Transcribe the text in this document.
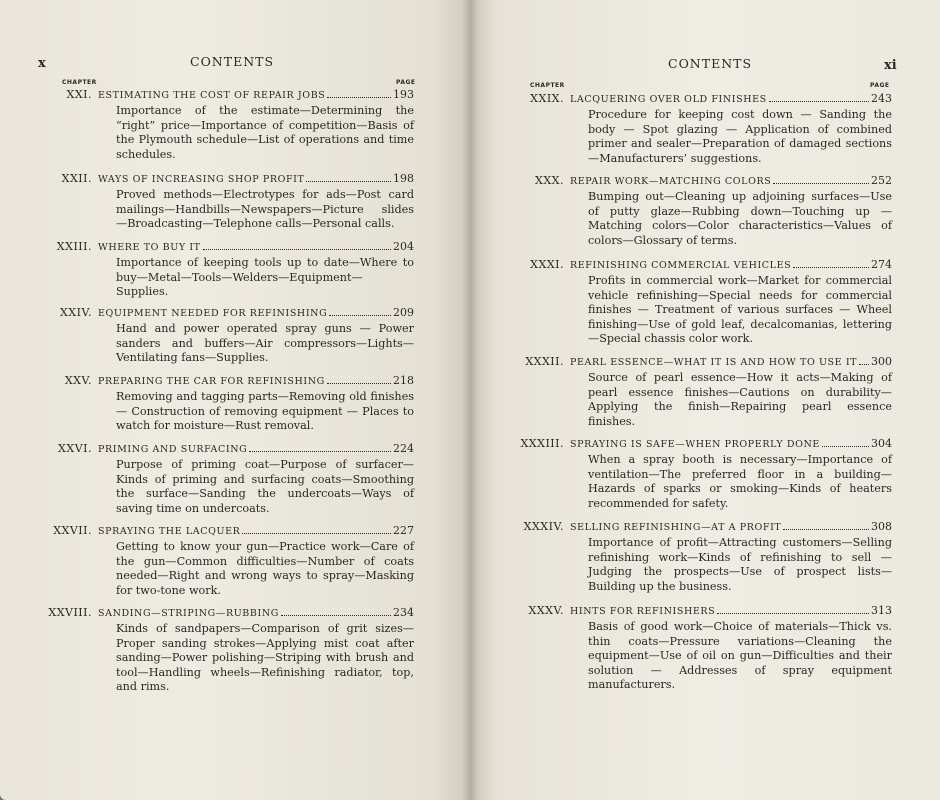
x	CONTENTS
CHAPTER	PAGE
XXI. ESTIMATING THE COST OF REPAIR JOBS	193
Importance of the estimate—Determining the “right” price—Importance of competition—Basis of the Plymouth schedule—List of operations and time schedules.
XXII. WAYS OF INCREASING SHOP PROFIT	198
Proved methods—Electrotypes for ads—Post card mailings—Handbills—Newspapers—Picture slides —Broadcasting—Telephone calls—Personal calls.
XXIII. WHERE TO BUY IT	204
Importance of keeping tools up to date—Where to buy—Metal—Tools—Welders—Equipment—Supplies.
XXIV. EQUIPMENT NEEDED FOR REFINISHING	209
Hand and power operated spray guns — Power sanders and buffers—Air compressors—Lights—Ventilating fans—Supplies.
XXV. PREPARING THE CAR FOR REFINISHING	218
Removing and tagging parts—Removing old finishes— Construction of removing equipment — Places to watch for moisture—Rust removal.
XXVI. PRIMING AND SURFACING	224
Purpose of priming coat—Purpose of surfacer—Kinds of priming and surfacing coats—Smoothing the surface—Sanding the undercoats—Ways of saving time on undercoats.
XXVII. SPRAYING THE LACQUER	227
Getting to know your gun—Practice work—Care of the gun—Common difficulties—Number of coats needed—Right and wrong ways to spray—Masking for two-tone work.
XXVIII. SANDING—STRIPING—RUBBING	234
Kinds of sandpapers—Comparison of grit sizes—Proper sanding strokes—Applying mist coat after sanding—Power polishing—Striping with brush and tool—Handling wheels—Refinishing radiator, top, and rims.
CONTENTS	xi
CHAPTER	PAGE
XXIX. LACQUERING OVER OLD FINISHES	243
Procedure for keeping cost down — Sanding the body — Spot glazing — Application of combined primer and sealer—Preparation of damaged sections—Manufacturers’ suggestions.
XXX. REPAIR WORK—MATCHING COLORS	252
Bumping out—Cleaning up adjoining surfaces—Use of putty glaze—Rubbing down—Touching up —Matching colors—Color characteristics—Values of colors—Glossary of terms.
XXXI. REFINISHING COMMERCIAL VEHICLES	274
Profits in commercial work—Market for commercial vehicle refinishing—Special needs for commercial finishes — Treatment of various surfaces — Wheel finishing—Use of gold leaf, decalcomanias, lettering—Special chassis color work.
XXXII. PEARL ESSENCE—WHAT IT IS AND HOW TO USE IT 300
Source of pearl essence—How it acts—Making of pearl essence finishes—Cautions on durability—Applying the finish—Repairing pearl essence finishes.
XXXIII. SPRAYING IS SAFE—WHEN PROPERLY DONE	304
When a spray booth is necessary—Importance of ventilation—The preferred floor in a building—Hazards of sparks or smoking—Kinds of heaters recommended for safety.
XXXIV. SELLING REFINISHING—AT A PROFIT	308
Importance of profit—Attracting customers—Selling refinishing work—Kinds of refinishing to sell —Judging the prospects—Use of prospect lists—Building up the business.
XXXV. HINTS FOR REFINISHERS	313
Basis of good work—Choice of materials—Thick vs. thin coats—Pressure variations—Cleaning the equipment—Use of oil on gun—Difficulties and their solution — Addresses of spray equipment manufacturers.
